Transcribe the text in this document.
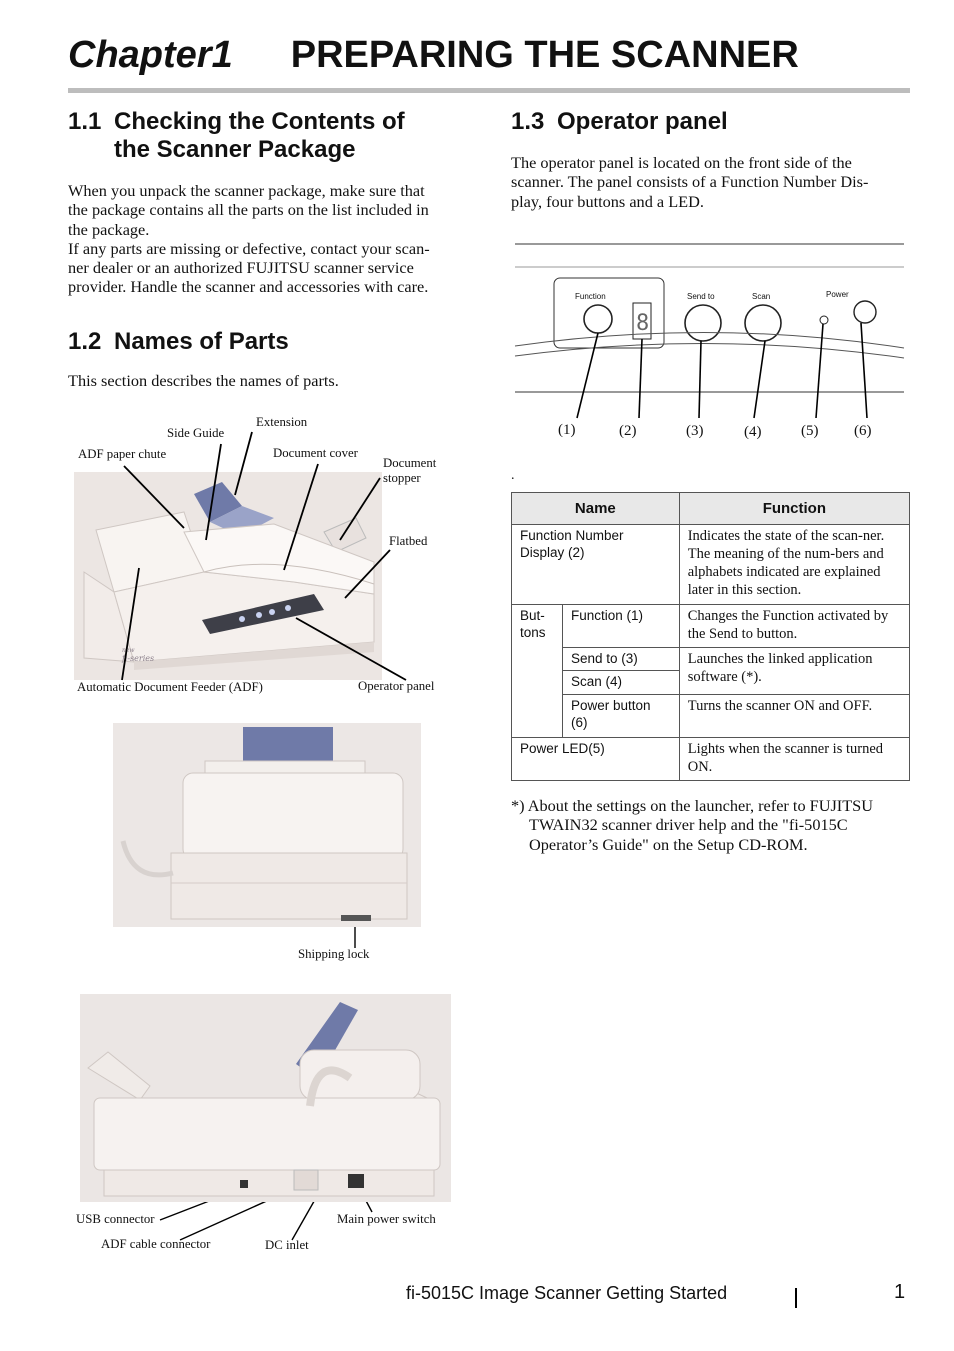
Chapter1 PREPARING THE SCANNER
1.1 Checking the Contents of
the Scanner Package
When you unpack the scanner package, make sure that
the package contains all the parts on the list included in
the package.
If any parts are missing or defective, contact your scan-
ner dealer or an authorized FUJITSU scanner service
provider. Handle the scanner and accessories with care.
1.2 Names of Parts
This section describes the names of parts.
new
fi-series
Extension
Side Guide
ADF paper chute	Document cover
Document
stopper
Flatbed
Automatic Document Feeder (ADF)	Operator panel
Shipping lock
USB connector	Main power switch
ADF cable connector	DC inlet
1.3 Operator panel
The operator panel is located on the front side of the
scanner. The panel consists of a Function Number Dis-
play, four buttons and a LED.
8
Function	Send to	Scan	Power
(1)	(2)	(3)	(4)	(5) (6)
.
Name		Function
Function Number Display (2)		Indicates the state of the scan-ner. The meaning of the num-bers and alphabets indicated are explained later in this section.

But-
tons	Function (1)	Changes the Function activated by the Send to button.
	Send to (3)	Launches the linked application software (*).
	Scan (4)	
	Power button (6)	Turns the scanner ON and OFF.
Power LED(5)		Lights when the scanner is turned ON.
*) About the settings on the launcher, refer to FUJITSU
TWAIN32 scanner driver help and the "fi-5015C
Operator’s Guide" on the Setup CD-ROM.
fi-5015C Image Scanner Getting Started	1
